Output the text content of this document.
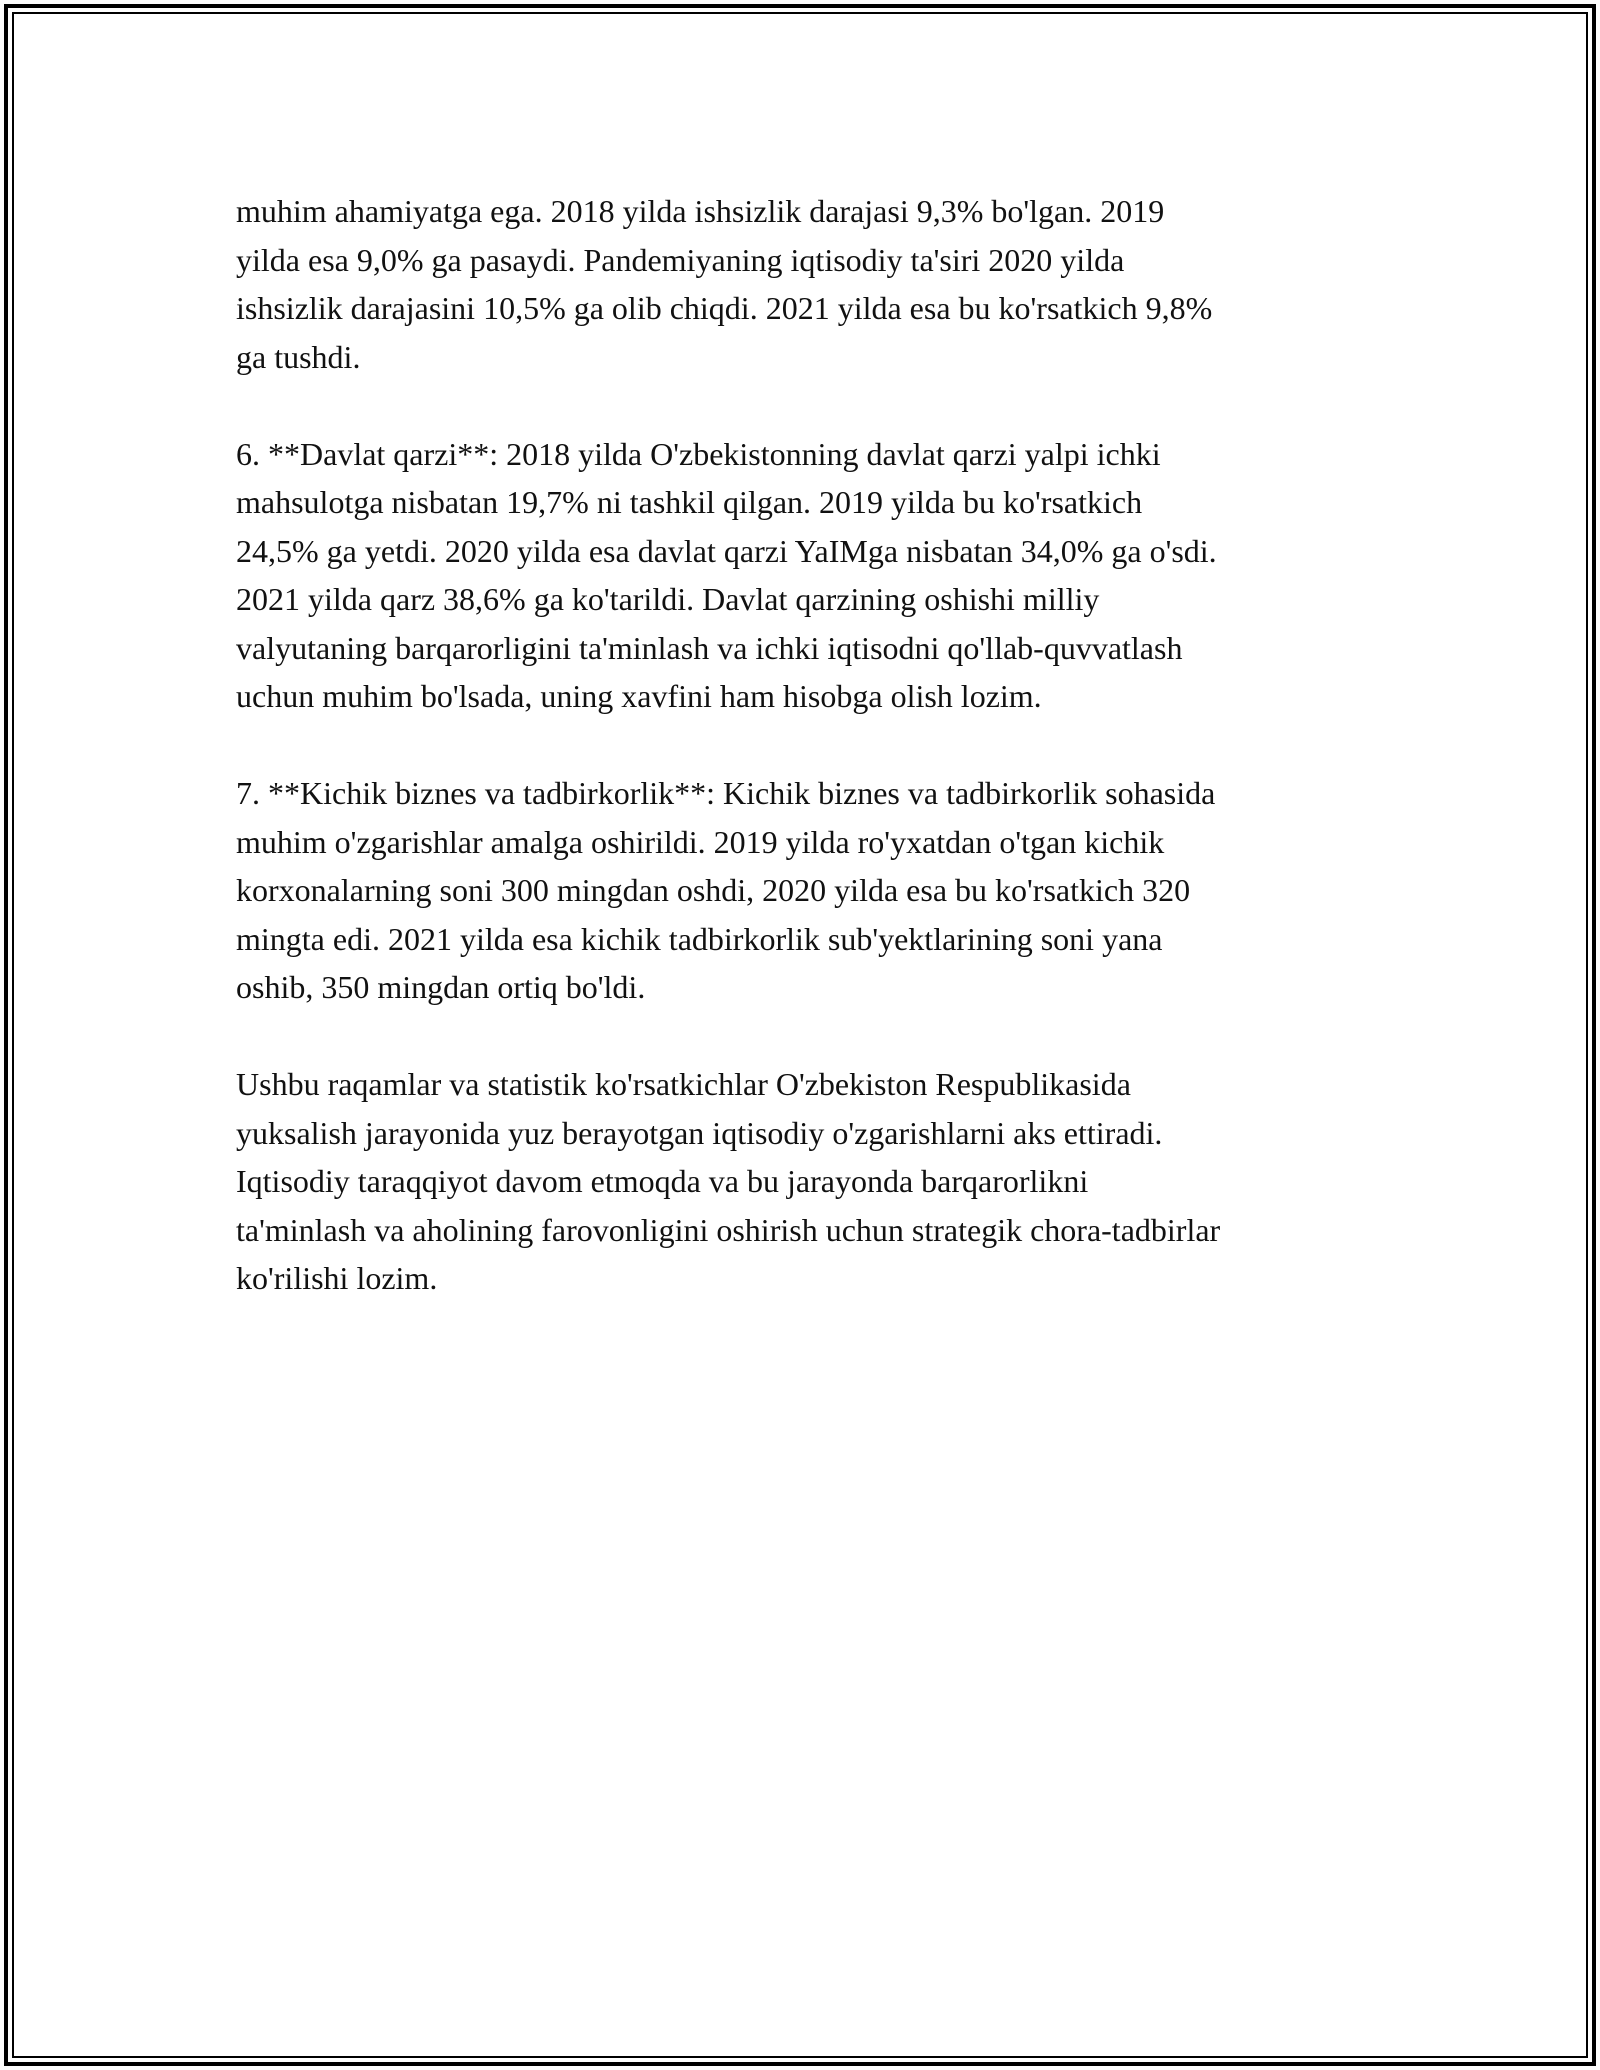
muhim ahamiyatga ega. 2018 yilda ishsizlik darajasi 9,3% bo'lgan. 2019
yilda esa 9,0% ga pasaydi. Pandemiyaning iqtisodiy ta'siri 2020 yilda
ishsizlik darajasini 10,5% ga olib chiqdi. 2021 yilda esa bu ko'rsatkich 9,8%
ga tushdi.

6. **Davlat qarzi**: 2018 yilda O'zbekistonning davlat qarzi yalpi ichki
mahsulotga nisbatan 19,7% ni tashkil qilgan. 2019 yilda bu ko'rsatkich
24,5% ga yetdi. 2020 yilda esa davlat qarzi YaIMga nisbatan 34,0% ga o'sdi.
2021 yilda qarz 38,6% ga ko'tarildi. Davlat qarzining oshishi milliy
valyutaning barqarorligini ta'minlash va ichki iqtisodni qo'llab-quvvatlash
uchun muhim bo'lsada, uning xavfini ham hisobga olish lozim.

7. **Kichik biznes va tadbirkorlik**: Kichik biznes va tadbirkorlik sohasida
muhim o'zgarishlar amalga oshirildi. 2019 yilda ro'yxatdan o'tgan kichik
korxonalarning soni 300 mingdan oshdi, 2020 yilda esa bu ko'rsatkich 320
mingta edi. 2021 yilda esa kichik tadbirkorlik sub'yektlarining soni yana
oshib, 350 mingdan ortiq bo'ldi.

Ushbu raqamlar va statistik ko'rsatkichlar O'zbekiston Respublikasida
yuksalish jarayonida yuz berayotgan iqtisodiy o'zgarishlarni aks ettiradi.
Iqtisodiy taraqqiyot davom etmoqda va bu jarayonda barqarorlikni
ta'minlash va aholining farovonligini oshirish uchun strategik chora-tadbirlar
ko'rilishi lozim.
